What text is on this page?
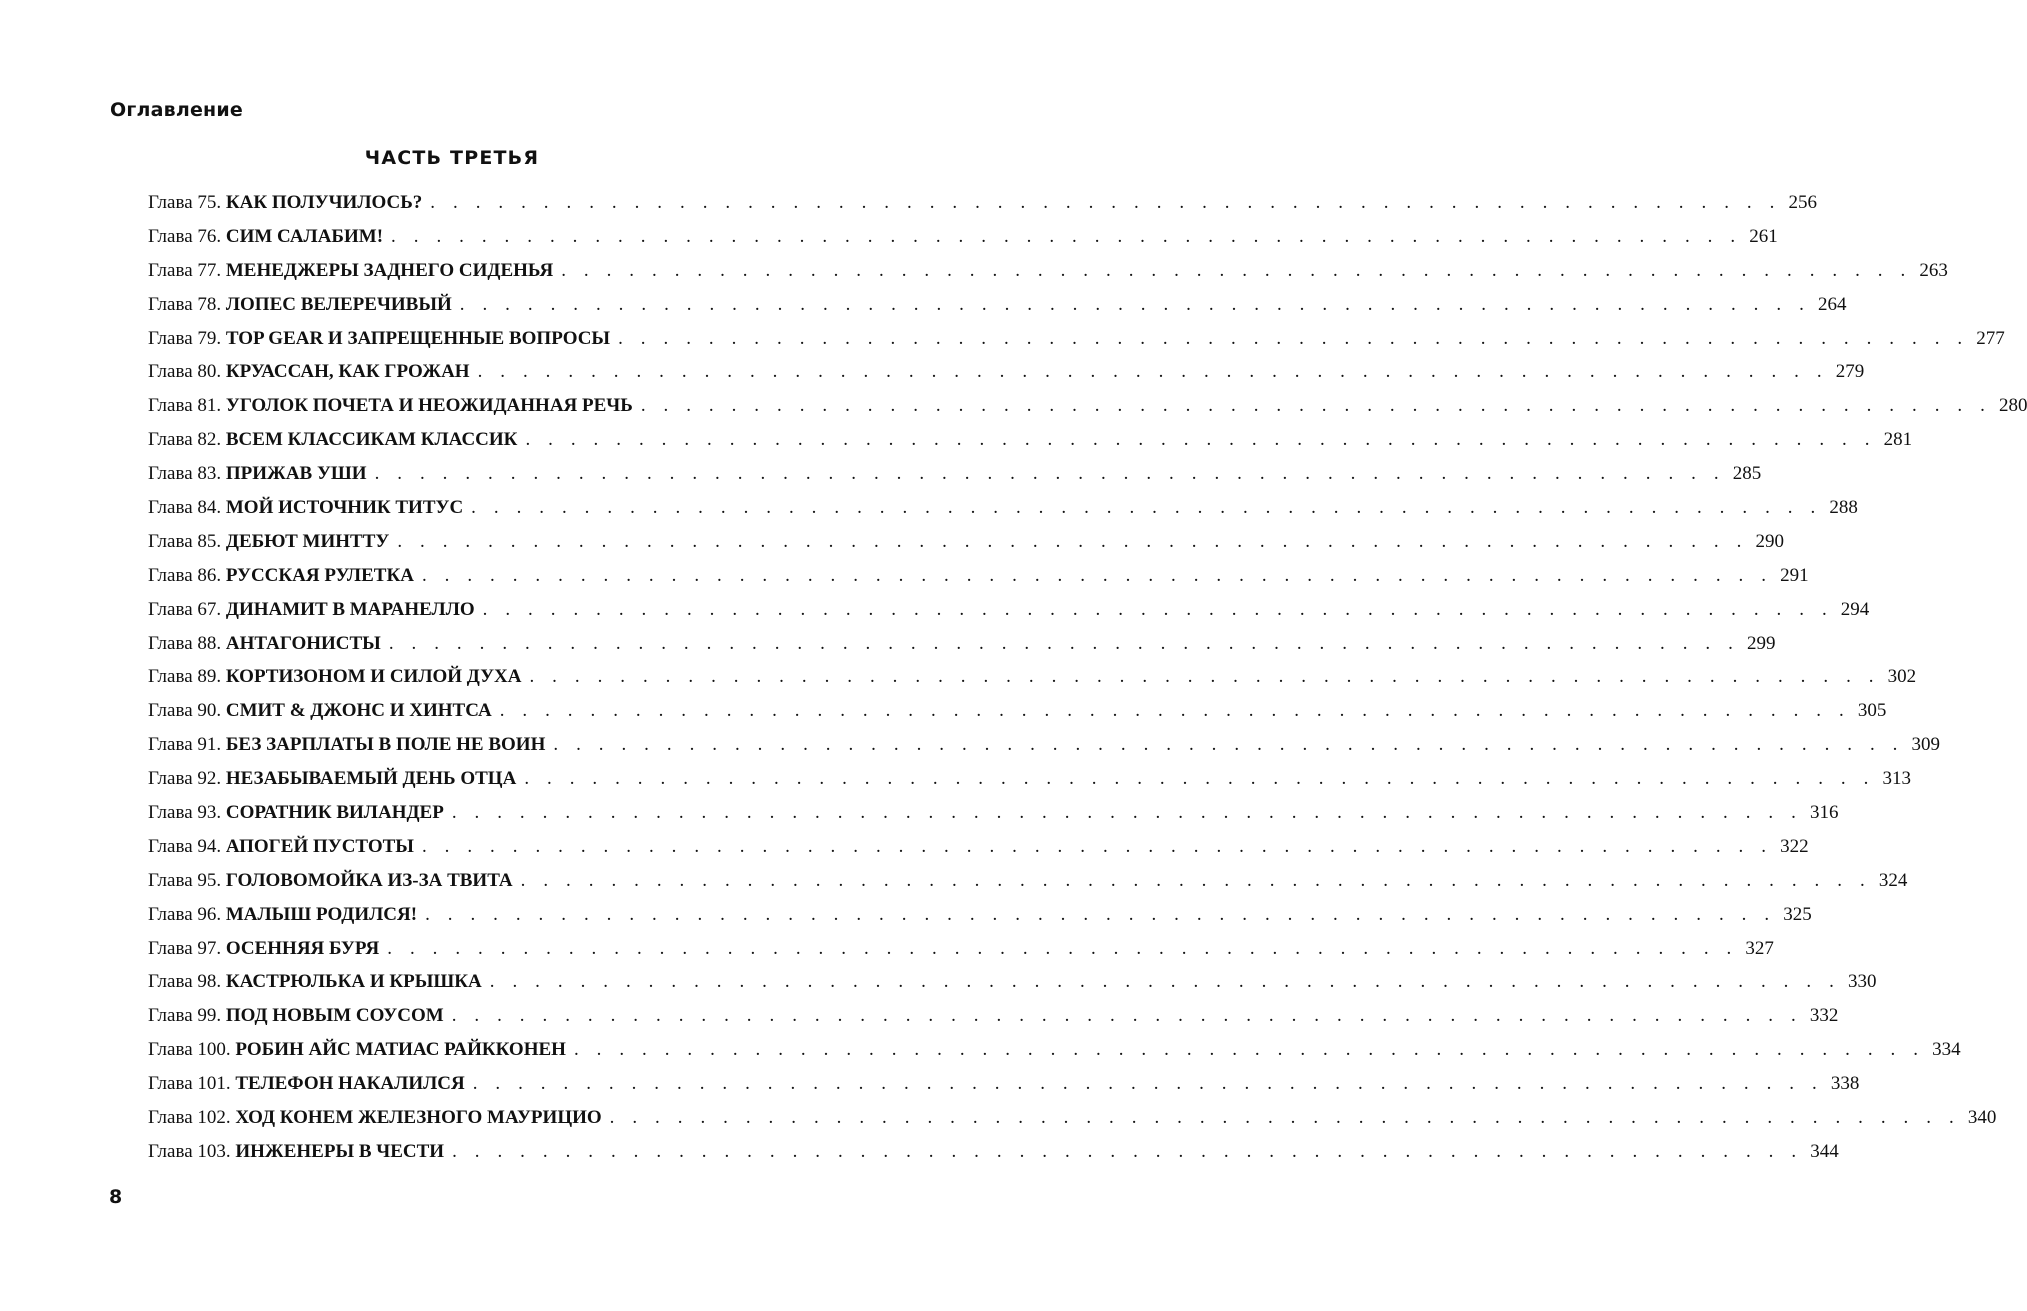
Оглавление
ЧАСТЬ ТРЕТЬЯ
Глава 75. КАК ПОЛУЧИЛОСЬ? . . . . . . . . . . . . . . . . . . . . . . . . . . . . . . . . . . . . . . . . . . . . . . . . . . . . . . . . . . . . 256
Глава 76. СИМ САЛАБИМ! . . . . . . . . . . . . . . . . . . . . . . . . . . . . . . . . . . . . . . . . . . . . . . . . . . . . . . . . . . . . 261
Глава 77. МЕНЕДЖЕРЫ ЗАДНЕГО СИДЕНЬЯ . . . . . . . . . . . . . . . . . . . . . . . . . . . . . . . . . . . . . . . . . . . . . . . . . . . . . . . . . . . . 263
Глава 78. ЛОПЕС ВЕЛЕРЕЧИВЫЙ . . . . . . . . . . . . . . . . . . . . . . . . . . . . . . . . . . . . . . . . . . . . . . . . . . . . . . . . . . . . 264
Глава 79. TOP GEAR И ЗАПРЕЩЕННЫЕ ВОПРОСЫ . . . . . . . . . . . . . . . . . . . . . . . . . . . . . . . . . . . . . . . . . . . . . . . . . . . . . . . . . . . . 277
Глава 80. КРУАССАН, КАК ГРОЖАН . . . . . . . . . . . . . . . . . . . . . . . . . . . . . . . . . . . . . . . . . . . . . . . . . . . . . . . . . . . . 279
Глава 81. УГОЛОК ПОЧЕТА И НЕОЖИДАННАЯ РЕЧЬ . . . . . . . . . . . . . . . . . . . . . . . . . . . . . . . . . . . . . . . . . . . . . . . . . . . . . . . . . . . . 280
Глава 82. ВСЕМ КЛАССИКАМ КЛАССИК . . . . . . . . . . . . . . . . . . . . . . . . . . . . . . . . . . . . . . . . . . . . . . . . . . . . . . . . . . . . 281
Глава 83. ПРИЖАВ УШИ . . . . . . . . . . . . . . . . . . . . . . . . . . . . . . . . . . . . . . . . . . . . . . . . . . . . . . . . . . . . 285
Глава 84. МОЙ ИСТОЧНИК ТИТУС . . . . . . . . . . . . . . . . . . . . . . . . . . . . . . . . . . . . . . . . . . . . . . . . . . . . . . . . . . . . 288
Глава 85. ДЕБЮТ МИНТТУ . . . . . . . . . . . . . . . . . . . . . . . . . . . . . . . . . . . . . . . . . . . . . . . . . . . . . . . . . . . . 290
Глава 86. РУССКАЯ РУЛЕТКА . . . . . . . . . . . . . . . . . . . . . . . . . . . . . . . . . . . . . . . . . . . . . . . . . . . . . . . . . . . . 291
Глава 67. ДИНАМИТ В МАРАНЕЛЛО . . . . . . . . . . . . . . . . . . . . . . . . . . . . . . . . . . . . . . . . . . . . . . . . . . . . . . . . . . . . 294
Глава 88. АНТАГОНИСТЫ . . . . . . . . . . . . . . . . . . . . . . . . . . . . . . . . . . . . . . . . . . . . . . . . . . . . . . . . . . . . 299
Глава 89. КОРТИЗОНОМ И СИЛОЙ ДУХА . . . . . . . . . . . . . . . . . . . . . . . . . . . . . . . . . . . . . . . . . . . . . . . . . . . . . . . . . . . . 302
Глава 90. СМИТ & ДЖОНС И ХИНТСА . . . . . . . . . . . . . . . . . . . . . . . . . . . . . . . . . . . . . . . . . . . . . . . . . . . . . . . . . . . . 305
Глава 91. БЕЗ ЗАРПЛАТЫ В ПОЛЕ НЕ ВОИН . . . . . . . . . . . . . . . . . . . . . . . . . . . . . . . . . . . . . . . . . . . . . . . . . . . . . . . . . . . . 309
Глава 92. НЕЗАБЫВАЕМЫЙ ДЕНЬ ОТЦА . . . . . . . . . . . . . . . . . . . . . . . . . . . . . . . . . . . . . . . . . . . . . . . . . . . . . . . . . . . . 313
Глава 93. СОРАТНИК ВИЛАНДЕР . . . . . . . . . . . . . . . . . . . . . . . . . . . . . . . . . . . . . . . . . . . . . . . . . . . . . . . . . . . . 316
Глава 94. АПОГЕЙ ПУСТОТЫ . . . . . . . . . . . . . . . . . . . . . . . . . . . . . . . . . . . . . . . . . . . . . . . . . . . . . . . . . . . . 322
Глава 95. ГОЛОВОМОЙКА ИЗ-ЗА ТВИТА . . . . . . . . . . . . . . . . . . . . . . . . . . . . . . . . . . . . . . . . . . . . . . . . . . . . . . . . . . . . 324
Глава 96. МАЛЫШ РОДИЛСЯ! . . . . . . . . . . . . . . . . . . . . . . . . . . . . . . . . . . . . . . . . . . . . . . . . . . . . . . . . . . . . 325
Глава 97. ОСЕННЯЯ БУРЯ . . . . . . . . . . . . . . . . . . . . . . . . . . . . . . . . . . . . . . . . . . . . . . . . . . . . . . . . . . . . 327
Глава 98. КАСТРЮЛЬКА И КРЫШКА . . . . . . . . . . . . . . . . . . . . . . . . . . . . . . . . . . . . . . . . . . . . . . . . . . . . . . . . . . . . 330
Глава 99. ПОД НОВЫМ СОУСОМ . . . . . . . . . . . . . . . . . . . . . . . . . . . . . . . . . . . . . . . . . . . . . . . . . . . . . . . . . . . . 332
Глава 100. РОБИН АЙС МАТИАС РАЙККОНЕН . . . . . . . . . . . . . . . . . . . . . . . . . . . . . . . . . . . . . . . . . . . . . . . . . . . . . . . . . . . . 334
Глава 101. ТЕЛЕФОН НАКАЛИЛСЯ . . . . . . . . . . . . . . . . . . . . . . . . . . . . . . . . . . . . . . . . . . . . . . . . . . . . . . . . . . . . 338
Глава 102. ХОД КОНЕМ ЖЕЛЕЗНОГО МАУРИЦИО . . . . . . . . . . . . . . . . . . . . . . . . . . . . . . . . . . . . . . . . . . . . . . . . . . . . . . . . . . . . 340
Глава 103. ИНЖЕНЕРЫ В ЧЕСТИ . . . . . . . . . . . . . . . . . . . . . . . . . . . . . . . . . . . . . . . . . . . . . . . . . . . . . . . . . . . . 344
8
